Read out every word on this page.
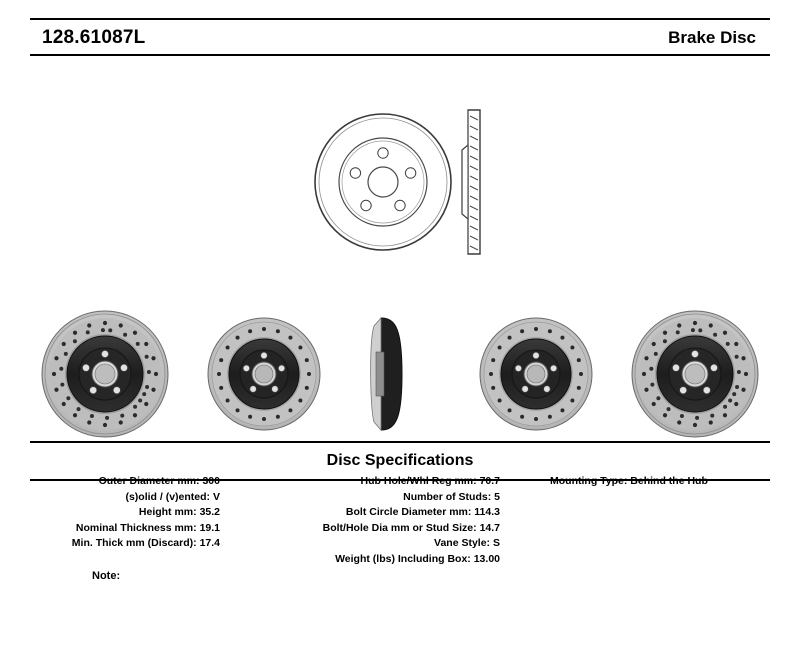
128.61087L	Brake Disc
Disc Specifications
Outer Diameter mm: 300
(s)olid / (v)ented: V
Height mm: 35.2
Nominal Thickness mm: 19.1
Min. Thick mm (Discard): 17.4
Hub Hole/Whl Reg mm: 70.7
Number of Studs: 5
Bolt Circle Diameter mm: 114.3
Bolt/Hole Dia mm or Stud Size: 14.7
Vane Style: S
Weight (lbs) Including Box: 13.00
Mounting Type: Behind the Hub
Note:
